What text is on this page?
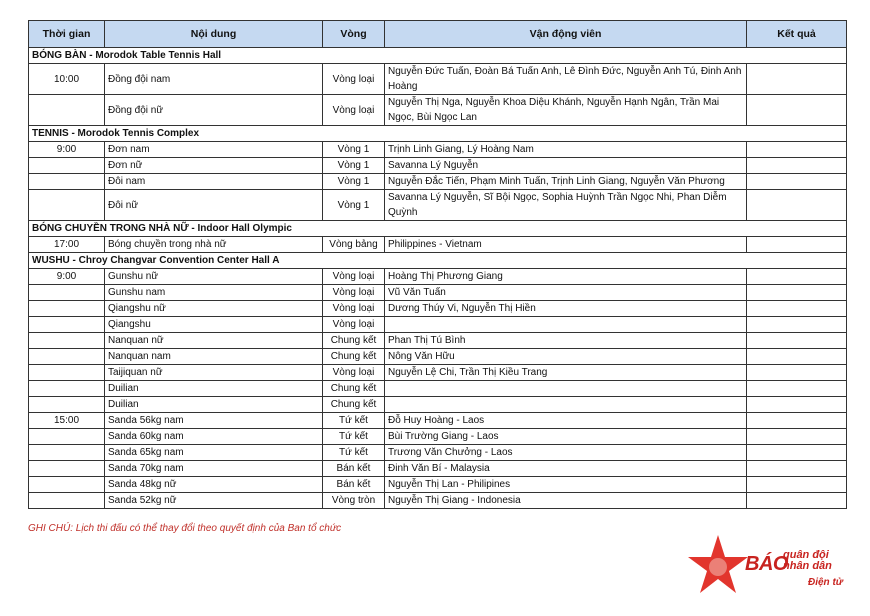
Thời gian	Nội dung	Vòng	Vận động viên	Kết quả
BÓNG BÀN - Morodok Table Tennis Hall				
10:00	Đồng đội nam	Vòng loại	Nguyễn Đức Tuấn, Đoàn Bá Tuấn Anh, Lê Đình Đức, Nguyễn Anh Tú, Đinh Anh Hoàng	
	Đồng đội nữ	Vòng loại	Nguyễn Thị Nga, Nguyễn Khoa Diệu Khánh, Nguyễn Hạnh Ngân, Trần Mai Ngọc, Bùi Ngọc Lan	
TENNIS - Morodok Tennis Complex				
9:00	Đơn nam	Vòng 1	Trịnh Linh Giang, Lý Hoàng Nam	
	Đơn nữ	Vòng 1	Savanna Lý Nguyễn	
	Đôi nam	Vòng 1	Nguyễn Đắc Tiến, Phạm Minh Tuấn, Trịnh Linh Giang, Nguyễn Văn Phương	
	Đôi nữ	Vòng 1	Savanna Lý Nguyễn, Sĩ Bội Ngọc, Sophia Huỳnh Trần Ngọc Nhi, Phan Diễm Quỳnh	
BÓNG CHUYỀN TRONG NHÀ NỮ - Indoor Hall Olympic				
17:00	Bóng chuyền trong nhà nữ	Vòng bảng	Philippines - Vietnam	
WUSHU - Chroy Changvar Convention Center Hall A				
9:00	Gunshu nữ	Vòng loại	Hoàng Thị Phương Giang	
	Gunshu nam	Vòng loại	Vũ Văn Tuấn	
	Qiangshu nữ	Vòng loại	Dương Thúy Vi, Nguyễn Thị Hiền	
	Qiangshu	Vòng loại		
	Nanquan nữ	Chung kết	Phan Thị Tú Bình	
	Nanquan nam	Chung kết	Nông Văn Hữu	
	Taijiquan nữ	Vòng loại	Nguyễn Lệ Chi, Trần Thị Kiều Trang	
	Duilian	Chung kết		
	Duilian	Chung kết		
15:00	Sanda 56kg nam	Tứ kết	Đỗ Huy Hoàng - Laos	
	Sanda 60kg nam	Tứ kết	Bùi Trường Giang - Laos	
	Sanda 65kg nam	Tứ kết	Trương Văn Chưởng - Laos	
	Sanda 70kg nam	Bán kết	Đinh Văn Bí - Malaysia	
	Sanda 48kg nữ	Bán kết	Nguyễn Thị Lan - Philipines	
	Sanda 52kg nữ	Vòng tròn	Nguyễn Thị Giang - Indonesia	
GHI CHÚ: Lịch thi đấu có thể thay đổi theo quyết định của Ban tổ chức
BÁO
quân đội
nhân dân
Điện tử
